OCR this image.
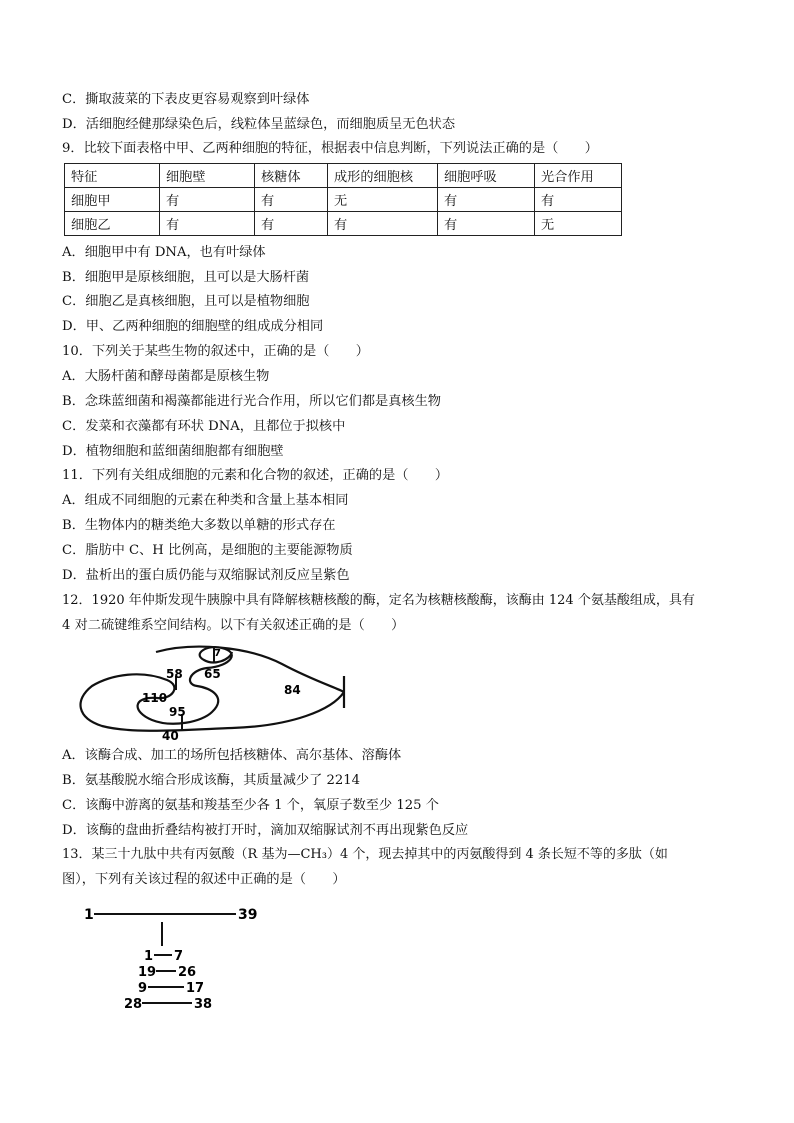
C．撕取菠菜的下表皮更容易观察到叶绿体
D．活细胞经健那绿染色后，线粒体呈蓝绿色，而细胞质呈无色状态
9．比较下面表格中甲、乙两种细胞的特征，根据表中信息判断，下列说法正确的是（　　）
特征	细胞壁	核糖体	成形的细胞核	细胞呼吸	光合作用
细胞甲	有	有	无	有	有
细胞乙	有	有	有	有	无
A．细胞甲中有 DNA，也有叶绿体
B．细胞甲是原核细胞，且可以是大肠杆菌
C．细胞乙是真核细胞，且可以是植物细胞
D．甲、乙两种细胞的细胞壁的组成成分相同
10．下列关于某些生物的叙述中，正确的是（　　）
A．大肠杆菌和酵母菌都是原核生物
B．念珠蓝细菌和褐藻都能进行光合作用，所以它们都是真核生物
C．发菜和衣藻都有环状 DNA，且都位于拟核中
D．植物细胞和蓝细菌细胞都有细胞壁
11．下列有关组成细胞的元素和化合物的叙述，正确的是（　　）
A．组成不同细胞的元素在种类和含量上基本相同
B．生物体内的糖类绝大多数以单糖的形式存在
C．脂肪中 C、H 比例高，是细胞的主要能源物质
D．盐析出的蛋白质仍能与双缩脲试剂反应呈紫色
12．1920 年仲斯发现牛胰腺中具有降解核糖核酸的酶，定名为核糖核酸酶，该酶由 124 个氨基酸组成，具有
4 对二硫键维系空间结构。以下有关叙述正确的是（　　）
7
65
58
84
110
95
40
A．该酶合成、加工的场所包括核糖体、高尔基体、溶酶体
B．氨基酸脱水缩合形成该酶，其质量减少了 2214
C．该酶中游离的氨基和羧基至少各 1 个，氧原子数至少 125 个
D．该酶的盘曲折叠结构被打开时，滴加双缩脲试剂不再出现紫色反应
13．某三十九肽中共有丙氨酸（R 基为—CH₃）4 个，现去掉其中的丙氨酸得到 4 条长短不等的多肽（如
图），下列有关该过程的叙述中正确的是（　　）
1	39
1 7
19 26
9	17
28	38
